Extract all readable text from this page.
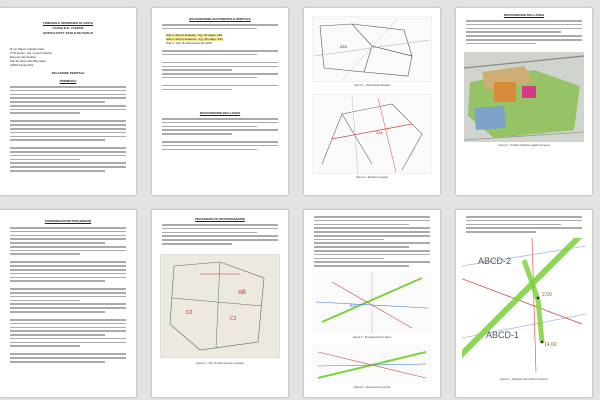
TRIBUNALE ORDINARIO DI AOSTA
CAUSA R.G. 774/2020
GIUDICE DOTT. PAOLO DE PAOLIS
Ill.mo Signor Giudice Dott.
CTU Geom. Ing. Lorenzo Rossi
Esperto del Giudice
Via del Gran San Bernardo
11100 Aosta (AO)
RELAZIONE PERITALE
PREMESSA
RICOGNIZIONE DOCUMENTALE PERITALE
Sub 1: Atto di acquisto - Fg. 39 mapp. 233
Sub 2: Atto di divisione - Fg. 39 mapp. 234
Sub 3: Tipo di frazionamento 2016
RICOGNIZIONE DEI LUOGHI
233
Figura 1 - Planimetria catastale
234
Figura 2 - Estratto di mappa
RICOGNIZIONE DEI LUOGHI
Figura 3 - Ortofoto dell'area oggetto di causa
CONSIDERAZIONI PRELIMINARI	PROCEDURA DI RICONFINAZIONE
AB
C1
D2
Figura 4 - Tipo di frazionamento originale
BG1
Figura 5 - Sovrapposizione rilievo
Figura 6 - Ricostruzione confine
ABCD-2
ABCD-1
2,50
14,60
Figura 7 - Dettaglio del confine ricostruito
